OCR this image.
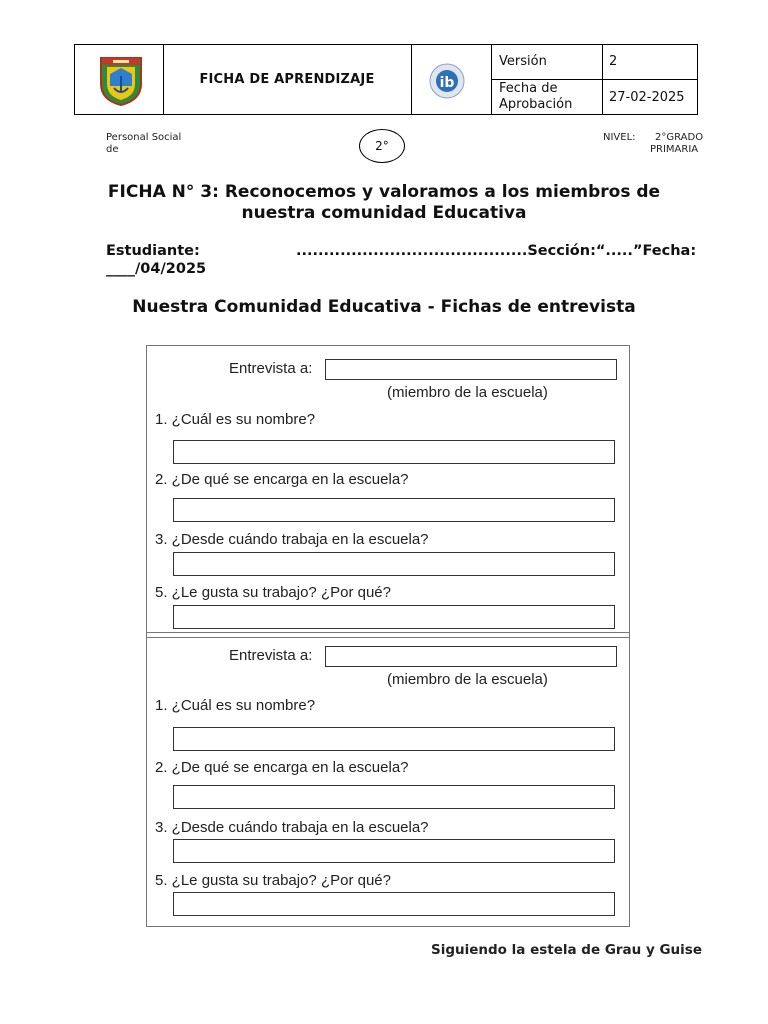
FICHA DE APRENDIZAJE	ib
Versión	2
Fecha de
Aprobación	27-02-2025
Personal Social
de	2°
NIVEL:	2°GRADO
PRIMARIA
FICHA N° 3: Reconocemos y valoramos a los miembros de
nuestra comunidad Educativa
Estudiante:	..........................................Sección:“.....”Fecha:
____/04/2025
Nuestra Comunidad Educativa - Fichas de entrevista
Entrevista a:
(miembro de la escuela)
1. ¿Cuál es su nombre?
2. ¿De qué se encarga en la escuela?
3. ¿Desde cuándo trabaja en la escuela?
5. ¿Le gusta su trabajo? ¿Por qué?
Entrevista a:
(miembro de la escuela)
1. ¿Cuál es su nombre?
2. ¿De qué se encarga en la escuela?
3. ¿Desde cuándo trabaja en la escuela?
5. ¿Le gusta su trabajo? ¿Por qué?
Siguiendo la estela de Grau y Guise
